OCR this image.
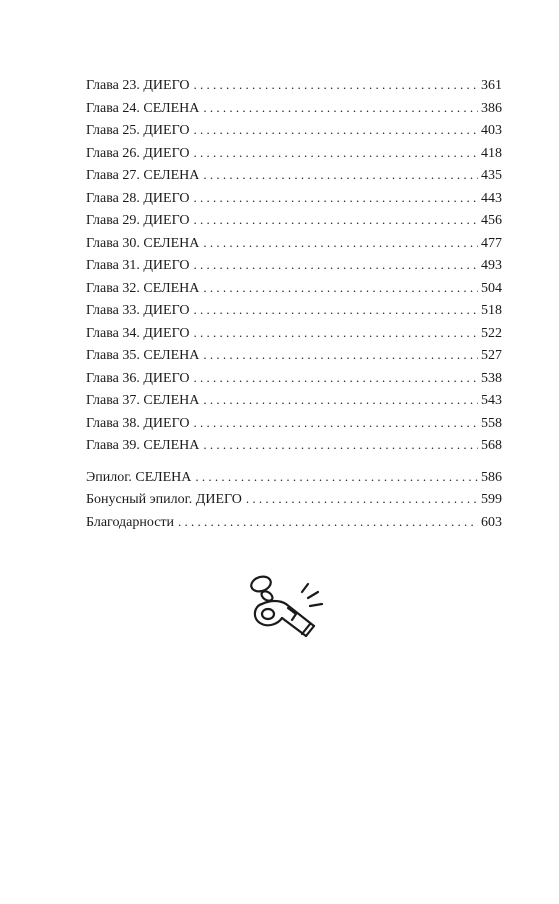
Глава 23. ДИЕГО . . .	361
Глава 24. СЕЛЕНА . . .	386
Глава 25. ДИЕГО . . .	403
Глава 26. ДИЕГО . . .	418
Глава 27. СЕЛЕНА . . .	435
Глава 28. ДИЕГО . . .	443
Глава 29. ДИЕГО . . .	456
Глава 30. СЕЛЕНА . . .	477
Глава 31. ДИЕГО . . .	493
Глава 32. СЕЛЕНА . . .	504
Глава 33. ДИЕГО . . .	518
Глава 34. ДИЕГО . . .	522
Глава 35. СЕЛЕНА . . .	527
Глава 36. ДИЕГО . . .	538
Глава 37. СЕЛЕНА . . .	543
Глава 38. ДИЕГО . . .	558
Глава 39. СЕЛЕНА . . .	568
Эпилог. СЕЛЕНА . . .	586
Бонусный эпилог. ДИЕГО . . .	599
Благодарности . . .	603
